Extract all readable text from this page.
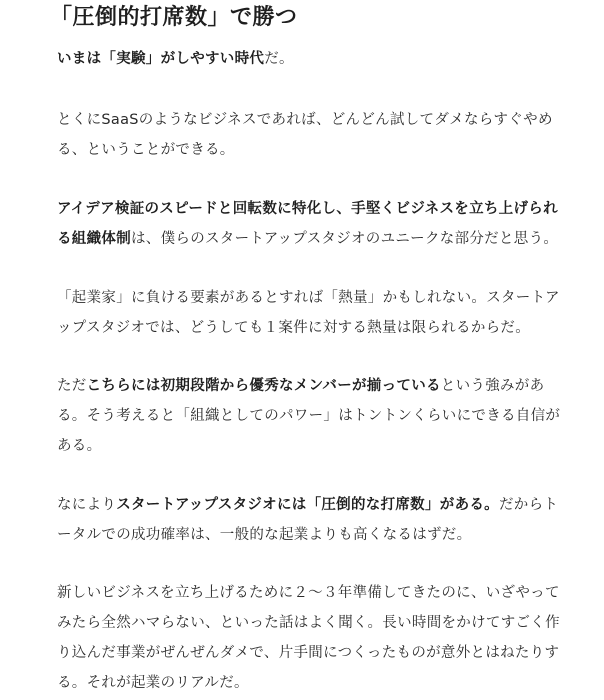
「圧倒的打席数」で勝つ

いまは「実験」がしやすい時代だ。

とくにSaaSのようなビジネスであれば、どんどん試してダメならすぐやめ
る、ということができる。

アイデア検証のスピードと回転数に特化し、手堅くビジネスを立ち上げられ
る組織体制は、僕らのスタートアップスタジオのユニークな部分だと思う。

「起業家」に負ける要素があるとすれば「熱量」かもしれない。スタートア
ップスタジオでは、どうしても１案件に対する熱量は限られるからだ。

ただこちらには初期段階から優秀なメンバーが揃っているという強みがあ
る。そう考えると「組織としてのパワー」はトントンくらいにできる自信が
ある。

なによりスタートアップスタジオには「圧倒的な打席数」がある。だからト
ータルでの成功確率は、一般的な起業よりも高くなるはずだ。

新しいビジネスを立ち上げるために２～３年準備してきたのに、いざやって
みたら全然ハマらない、といった話はよく聞く。長い時間をかけてすごく作
り込んだ事業がぜんぜんダメで、片手間につくったものが意外とはねたりす
る。それが起業のリアルだ。
